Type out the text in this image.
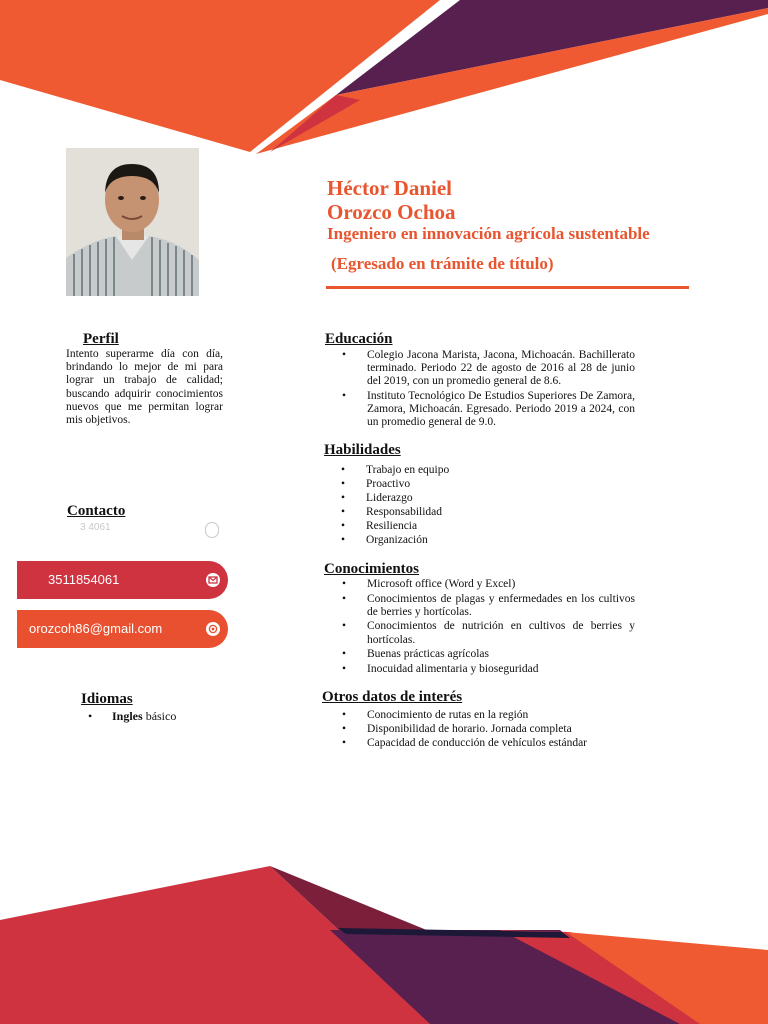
Héctor Daniel
Orozco Ochoa
Ingeniero en innovación agrícola sustentable
(Egresado en trámite de título)
Perfil
Intento superarme día con día, brindando lo mejor de mi para lograr un trabajo de calidad; buscando adquirir conocimientos nuevos que me permitan lograr mis objetivos.
Contacto
3 4061
3511854061
orozcoh86@gmail.com
Idiomas
• Ingles básico
Educación
• Colegio Jacona Marista, Jacona, Michoacán. Bachillerato terminado. Periodo 22 de agosto de 2016 al 28 de junio del 2019, con un promedio general de 8.6.
• Instituto Tecnológico De Estudios Superiores De Zamora, Zamora, Michoacán. Egresado. Periodo 2019 a 2024, con un promedio general de 9.0.
Habilidades
• Trabajo en equipo
• Proactivo
• Liderazgo
• Responsabilidad
• Resiliencia
• Organización
Conocimientos
• Microsoft office (Word y Excel)
• Conocimientos de plagas y enfermedades en los cultivos de berries y hortícolas.
• Conocimientos de nutrición en cultivos de berries y hortícolas.
• Buenas prácticas agrícolas
• Inocuidad alimentaria y bioseguridad
Otros datos de interés
• Conocimiento de rutas en la región
• Disponibilidad de horario. Jornada completa
• Capacidad de conducción de vehículos estándar
